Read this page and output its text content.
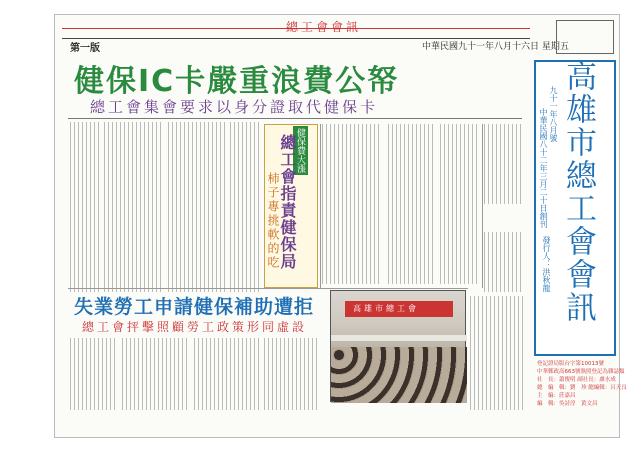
總工會會訊
第一版	中華民國九十一年八月十六日 星期五
健保IC卡嚴重浪費公帑
總工會集會要求以身分證取代健保卡
健保費大漲
總工會指責健保局
柿子專挑軟的吃
失業勞工申請健保補助遭拒
總工會抨擊照顧勞工政策形同虛設
高雄市總工會
九十一年八月號
中華民國八十二年三月二十日創刊 高雄市總工會會訊
發行人：洪秋龍
登記證局版台字第10013號
中華郵政高663號執照登記為雜誌類
社　長：蕭俊明 副社長：盧水成
總　編　輯：劉　珍 總編輯：呂天良
主　編：莊嘉昌
編　輯：吳詩淳　黃文昌
